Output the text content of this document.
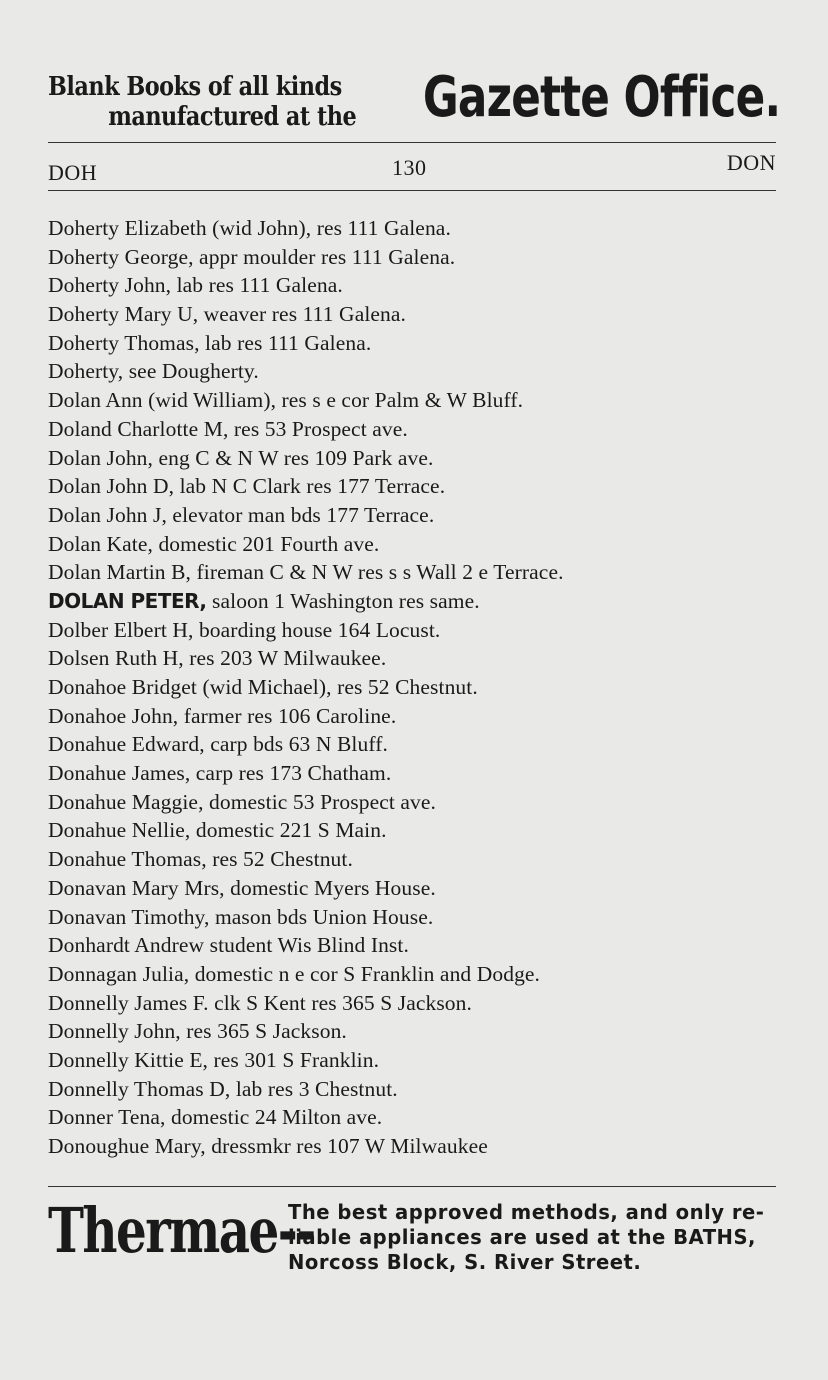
Blank Books of all kinds
manufactured at the	Gazette Office.
DOH	130	DON
Doherty Elizabeth (wid John), res 111 Galena.
Doherty George, appr moulder res 111 Galena.
Doherty John, lab res 111 Galena.
Doherty Mary U, weaver res 111 Galena.
Doherty Thomas, lab res 111 Galena.
Doherty, see Dougherty.
Dolan Ann (wid William), res s e cor Palm & W Bluff.
Doland Charlotte M, res 53 Prospect ave.
Dolan John, eng C & N W res 109 Park ave.
Dolan John D, lab N C Clark res 177 Terrace.
Dolan John J, elevator man bds 177 Terrace.
Dolan Kate, domestic 201 Fourth ave.
Dolan Martin B, fireman C & N W res s s Wall 2 e Terrace.
DOLAN PETER, saloon 1 Washington res same.
Dolber Elbert H, boarding house 164 Locust.
Dolsen Ruth H, res 203 W Milwaukee.
Donahoe Bridget (wid Michael), res 52 Chestnut.
Donahoe John, farmer res 106 Caroline.
Donahue Edward, carp bds 63 N Bluff.
Donahue James, carp res 173 Chatham.
Donahue Maggie, domestic 53 Prospect ave.
Donahue Nellie, domestic 221 S Main.
Donahue Thomas, res 52 Chestnut.
Donavan Mary Mrs, domestic Myers House.
Donavan Timothy, mason bds Union House.
Donhardt Andrew student Wis Blind Inst.
Donnagan Julia, domestic n e cor S Franklin and Dodge.
Donnelly James F. clk S Kent res 365 S Jackson.
Donnelly John, res 365 S Jackson.
Donnelly Kittie E, res 301 S Franklin.
Donnelly Thomas D, lab res 3 Chestnut.
Donner Tena, domestic 24 Milton ave.
Donoughue Mary, dressmkr res 107 W Milwaukee
Thermae--
The best approved methods, and only re-
liable appliances are used at the BATHS,
Norcoss Block, S. River Street.
